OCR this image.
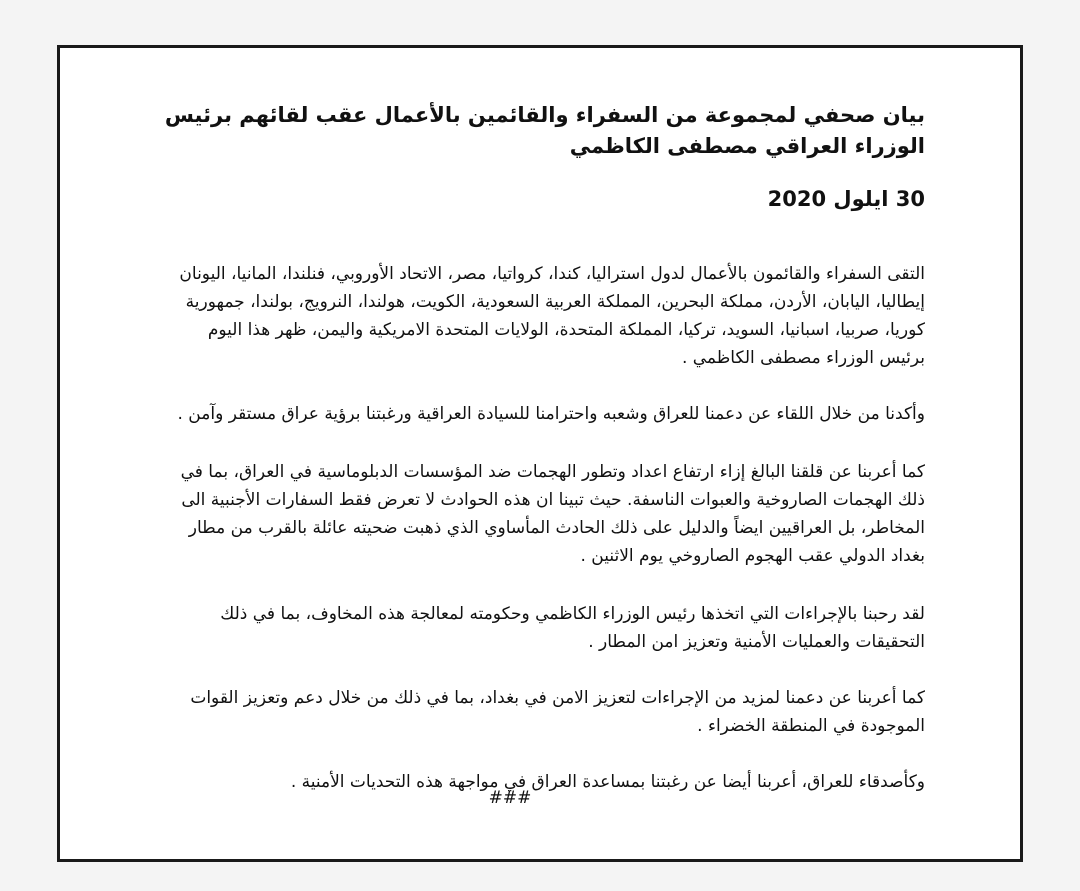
بيان صحفي لمجموعة من السفراء والقائمين بالأعمال عقب لقائهم برئيس الوزراء العراقي مصطفى الكاظمي

30 ايلول 2020

التقى السفراء والقائمون بالأعمال لدول استراليا، كندا، كرواتيا، مصر، الاتحاد الأوروبي، فنلندا، المانيا، اليونان إيطاليا، اليابان، الأردن، مملكة البحرين، المملكة العربية السعودية، الكويت، هولندا، النرويج، بولندا، جمهورية كوريا، صربيا، اسبانيا، السويد، تركيا، المملكة المتحدة، الولايات المتحدة الامريكية واليمن، ظهر هذا اليوم برئيس الوزراء مصطفى الكاظمي .

وأكدنا من خلال اللقاء عن دعمنا للعراق وشعبه واحترامنا للسيادة العراقية ورغبتنا برؤية عراق مستقر وآمن .

كما أعربنا عن قلقنا البالغ إزاء ارتفاع اعداد وتطور الهجمات ضد المؤسسات الدبلوماسية في العراق، بما في ذلك الهجمات الصاروخية والعبوات الناسفة. حيث تبينا ان هذه الحوادث لا تعرض فقط السفارات الأجنبية الى المخاطر، بل العراقيين ايضاً والدليل على ذلك الحادث المأساوي الذي ذهبت ضحيته عائلة بالقرب من مطار بغداد الدولي عقب الهجوم الصاروخي يوم الاثنين .

لقد رحبنا بالإجراءات التي اتخذها رئيس الوزراء الكاظمي وحكومته لمعالجة هذه المخاوف، بما في ذلك التحقيقات والعمليات الأمنية وتعزيز امن المطار .

كما أعربنا عن دعمنا لمزيد من الإجراءات لتعزيز الامن في بغداد، بما في ذلك من خلال دعم وتعزيز القوات الموجودة في المنطقة الخضراء .

وكأصدقاء للعراق، أعربنا أيضا عن رغبتنا بمساعدة العراق في مواجهة هذه التحديات الأمنية .

###
